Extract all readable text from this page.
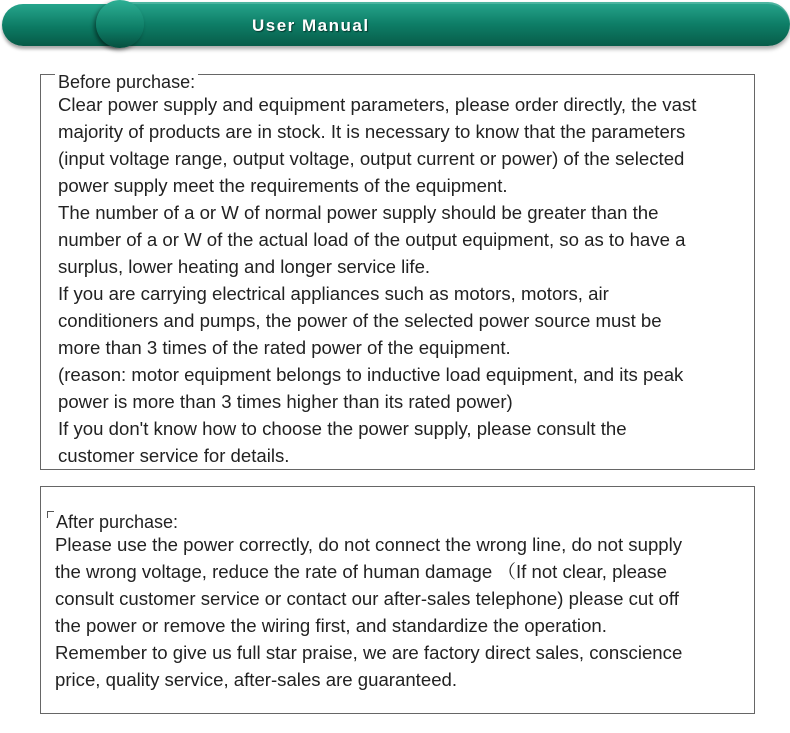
User Manual
Before purchase:

Clear power supply and equipment parameters, please order directly, the vast
majority of products are in stock. It is necessary to know that the parameters
(input voltage range, output voltage, output current or power) of the selected
power supply meet the requirements of the equipment.
The number of a or W of normal power supply should be greater than the
number of a or W of the actual load of the output equipment, so as to have a
surplus, lower heating and longer service life.
If you are carrying electrical appliances such as motors, motors, air
conditioners and pumps, the power of the selected power source must be
more than 3 times of the rated power of the equipment.
(reason: motor equipment belongs to inductive load equipment, and its peak
power is more than 3 times higher than its rated power)
If you don't know how to choose the power supply, please consult the
customer service for details.

After purchase:

Please use the power correctly, do not connect the wrong line, do not supply
the wrong voltage, reduce the rate of human damage （If not clear, please
consult customer service or contact our after-sales telephone) please cut off
the power or remove the wiring first, and standardize the operation.
Remember to give us full star praise, we are factory direct sales, conscience
price, quality service, after-sales are guaranteed.
